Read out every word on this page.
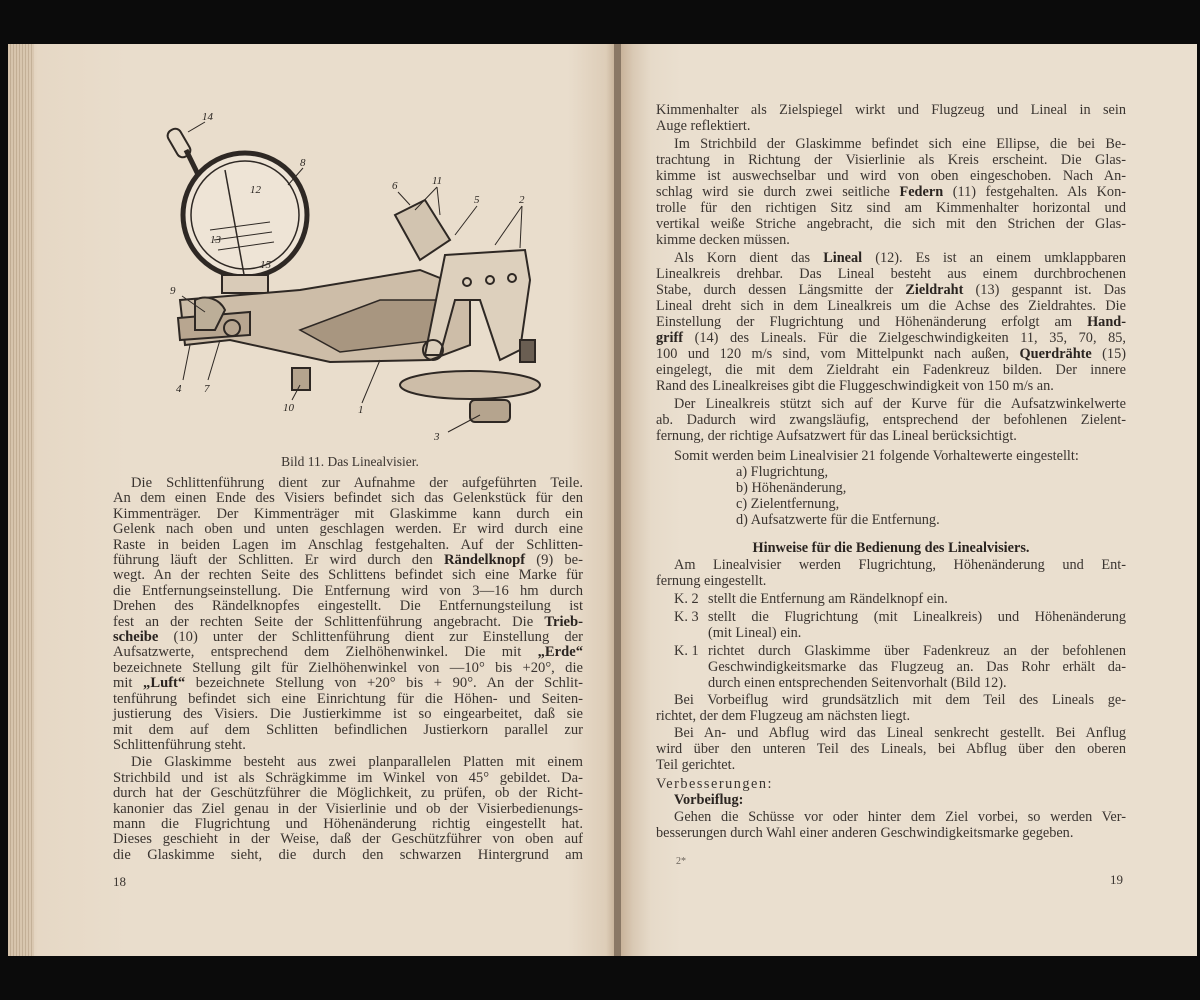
14
8
12
13
15
6	11
5	2
9
4 7
10	1
3
Bild 11. Das Linealvisier.
Die Schlittenführung dient zur Aufnahme der aufgeführten Teile.
An dem einen Ende des Visiers befindet sich das Gelenkstück für den
Kimmenträger. Der Kimmenträger mit Glaskimme kann durch ein
Gelenk nach oben und unten geschlagen werden. Er wird durch eine
Raste in beiden Lagen im Anschlag festgehalten. Auf der Schlitten-
führung läuft der Schlitten. Er wird durch den Rändelknopf (9) be-
wegt. An der rechten Seite des Schlittens befindet sich eine Marke für
die Entfernungseinstellung. Die Entfernung wird von 3—16 hm durch
Drehen des Rändelknopfes eingestellt. Die Entfernungsteilung ist
fest an der rechten Seite der Schlittenführung angebracht. Die Trieb-
scheibe (10) unter der Schlittenführung dient zur Einstellung der
Aufsatzwerte, entsprechend dem Zielhöhenwinkel. Die mit „Erde“
bezeichnete Stellung gilt für Zielhöhenwinkel von —10° bis +20°, die
mit „Luft“ bezeichnete Stellung von +20° bis + 90°. An der Schlit-
tenführung befindet sich eine Einrichtung für die Höhen- und Seiten-
justierung des Visiers. Die Justierkimme ist so eingearbeitet, daß sie
mit dem auf dem Schlitten befindlichen Justierkorn parallel zur
Schlittenführung steht.
Die Glaskimme besteht aus zwei planparallelen Platten mit einem
Strichbild und ist als Schrägkimme im Winkel von 45° gebildet. Da-
durch hat der Geschützführer die Möglichkeit, zu prüfen, ob der Richt-
kanonier das Ziel genau in der Visierlinie und ob der Visierbedienungs-
mann die Flugrichtung und Höhenänderung richtig eingestellt hat.
Dieses geschieht in der Weise, daß der Geschützführer von oben auf
die Glaskimme sieht, die durch den schwarzen Hintergrund am
18
Kimmenhalter als Zielspiegel wirkt und Flugzeug und Lineal in sein
Auge reflektiert.
Im Strichbild der Glaskimme befindet sich eine Ellipse, die bei Be-
trachtung in Richtung der Visierlinie als Kreis erscheint. Die Glas-
kimme ist auswechselbar und wird von oben eingeschoben. Nach An-
schlag wird sie durch zwei seitliche Federn (11) festgehalten. Als Kon-
trolle für den richtigen Sitz sind am Kimmenhalter horizontal und
vertikal weiße Striche angebracht, die sich mit den Strichen der Glas-
kimme decken müssen.
Als Korn dient das Lineal (12). Es ist an einem umklappbaren
Linealkreis drehbar. Das Lineal besteht aus einem durchbrochenen
Stabe, durch dessen Längsmitte der Zieldraht (13) gespannt ist. Das
Lineal dreht sich in dem Linealkreis um die Achse des Zieldrahtes. Die
Einstellung der Flugrichtung und Höhenänderung erfolgt am Hand-
griff (14) des Lineals. Für die Zielgeschwindigkeiten 11, 35, 70, 85,
100 und 120 m/s sind, vom Mittelpunkt nach außen, Querdrähte (15)
eingelegt, die mit dem Zieldraht ein Fadenkreuz bilden. Der innere
Rand des Linealkreises gibt die Fluggeschwindigkeit von 150 m/s an.
Der Linealkreis stützt sich auf der Kurve für die Aufsatzwinkelwerte
ab. Dadurch wird zwangsläufig, entsprechend der befohlenen Zielent-
fernung, der richtige Aufsatzwert für das Lineal berücksichtigt.
Somit werden beim Linealvisier 21 folgende Vorhaltewerte eingestellt:
a) Flugrichtung,
b) Höhenänderung,
c) Zielentfernung,
d) Aufsatzwerte für die Entfernung.
Hinweise für die Bedienung des Linealvisiers.
Am Linealvisier werden Flugrichtung, Höhenänderung und Ent-
fernung eingestellt.
K. 2 stellt die Entfernung am Rändelknopf ein.
K. 3 stellt die Flugrichtung (mit Linealkreis) und Höhenänderung
(mit Lineal) ein.
K. 1 richtet durch Glaskimme über Fadenkreuz an der befohlenen
Geschwindigkeitsmarke das Flugzeug an. Das Rohr erhält da-
durch einen entsprechenden Seitenvorhalt (Bild 12).
Bei Vorbeiflug wird grundsätzlich mit dem Teil des Lineals ge-
richtet, der dem Flugzeug am nächsten liegt.
Bei An- und Abflug wird das Lineal senkrecht gestellt. Bei Anflug
wird über den unteren Teil des Lineals, bei Abflug über den oberen
Teil gerichtet.
Verbesserungen:
Vorbeiflug:
Gehen die Schüsse vor oder hinter dem Ziel vorbei, so werden Ver-
besserungen durch Wahl einer anderen Geschwindigkeitsmarke gegeben.
2*
19
